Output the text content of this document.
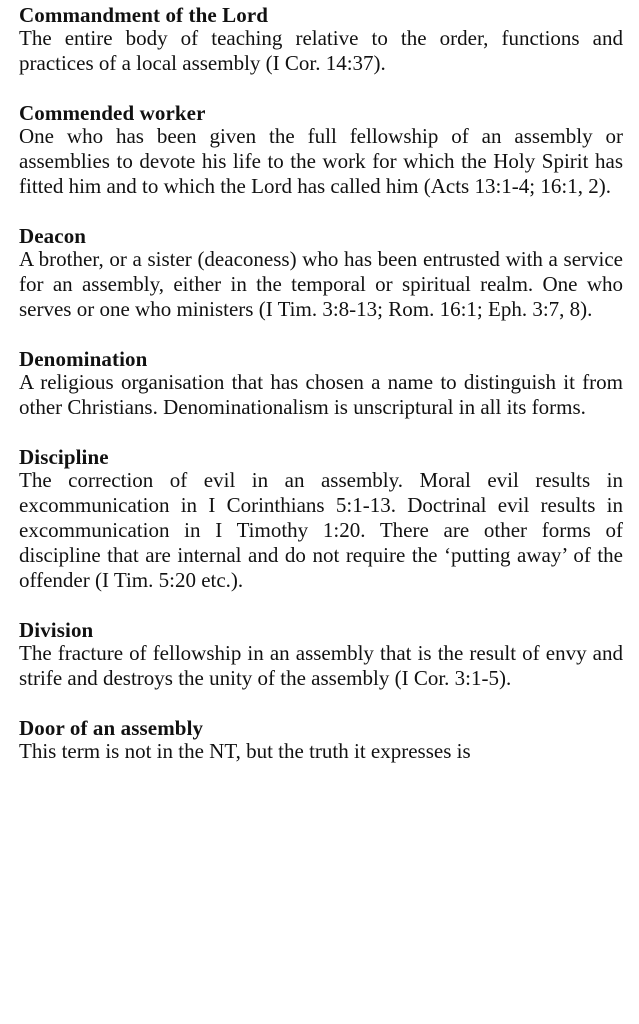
Commandment of the Lord
The entire body of teaching relative to the order, functions and practices of a local assembly (I Cor. 14:37).
Commended worker
One who has been given the full fellowship of an assembly or assemblies to devote his life to the work for which the Holy Spirit has fitted him and to which the Lord has called him (Acts 13:1-4; 16:1, 2).
Deacon
A brother, or a sister (deaconess) who has been entrusted with a service for an assembly, either in the temporal or spiritual realm. One who serves or one who ministers (I Tim. 3:8-13; Rom. 16:1; Eph. 3:7, 8).
Denomination
A religious organisation that has chosen a name to distinguish it from other Christians. Denominationalism is unscriptural in all its forms.
Discipline
The correction of evil in an assembly. Moral evil results in excommunication in I Corinthians 5:1-13. Doctrinal evil results in excommunication in I Timothy 1:20. There are other forms of discipline that are internal and do not require the ‘putting away’ of the offender (I Tim. 5:20 etc.).
Division
The fracture of fellowship in an assembly that is the result of envy and strife and destroys the unity of the assembly (I Cor. 3:1-5).
Door of an assembly
This term is not in the NT, but the truth it expresses is
